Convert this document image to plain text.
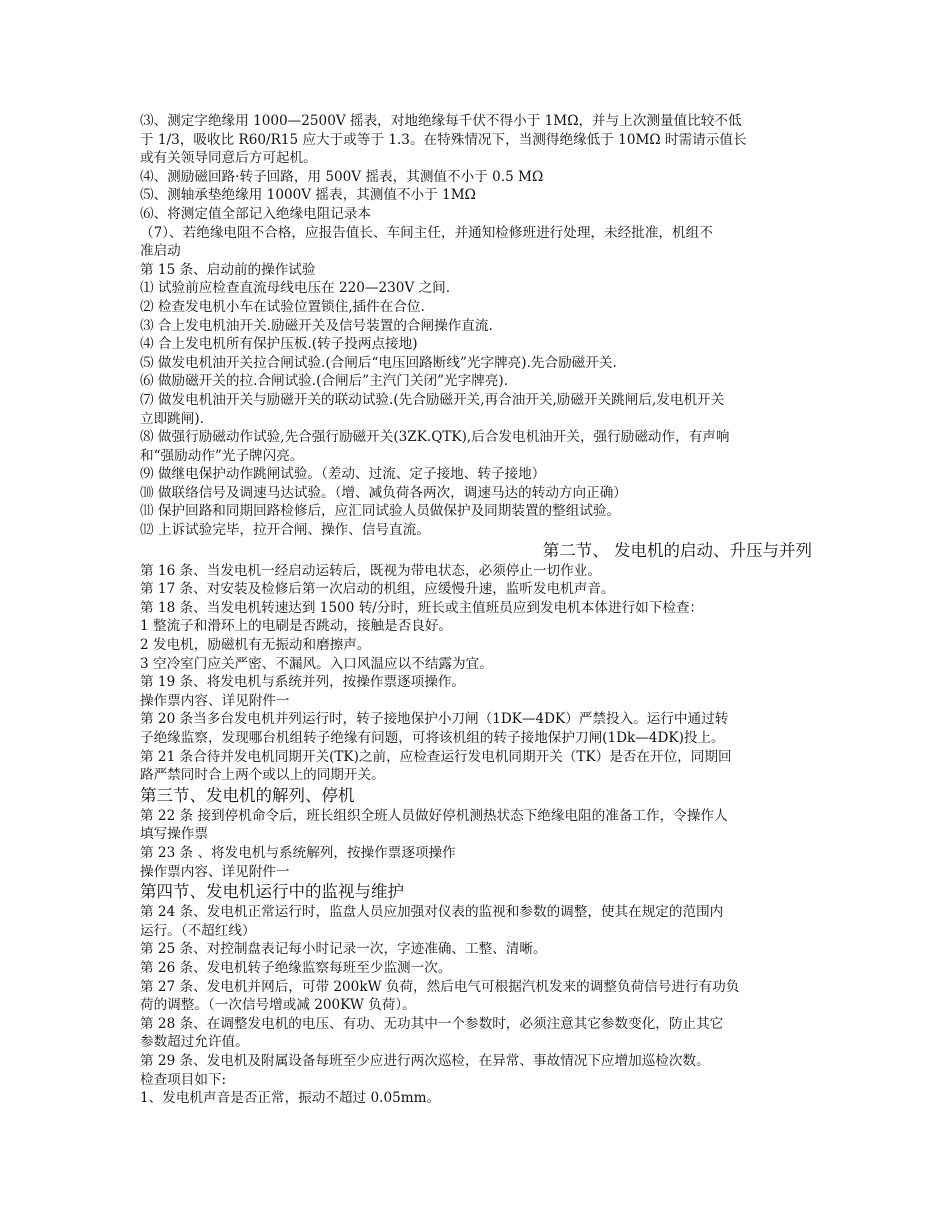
⑶、测定字绝缘用 1000—2500V 摇表，对地绝缘每千伏不得小于 1MΩ，并与上次测量值比较不低

于 1/3，吸收比 R60/R15 应大于或等于 1.3。在特殊情况下，当测得绝缘低于 10MΩ 时需请示值长

或有关领导同意后方可起机。

⑷、测励磁回路·转子回路，用 500V 摇表，其测值不小于 0.5 MΩ

⑸、测轴承垫绝缘用 1000V 摇表，其测值不小于 1MΩ

⑹、将测定值全部记入绝缘电阻记录本

（7）、若绝缘电阻不合格，应报告值长、车间主任，并通知检修班进行处理，未经批准，机组不

准启动

第 15 条、启动前的操作试验

⑴ 试验前应检查直流母线电压在 220—230V 之间.

⑵ 检查发电机小车在试验位置锁住,插件在合位.

⑶ 合上发电机油开关.励磁开关及信号装置的合闸操作直流.

⑷ 合上发电机所有保护压板.(转子投两点接地)

⑸ 做发电机油开关拉合闸试验.(合闸后“电压回路断线”光字牌亮).先合励磁开关.

⑹ 做励磁开关的拉.合闸试验.(合闸后”主汽门关闭”光字牌亮).

⑺ 做发电机油开关与励磁开关的联动试验.(先合励磁开关,再合油开关,励磁开关跳闸后,发电机开关

立即跳闸).

⑻ 做强行励磁动作试验,先合强行励磁开关(3ZK.QTK),后合发电机油开关，强行励磁动作，有声响

和“强励动作”光子牌闪亮。

⑼ 做继电保护动作跳闸试验。（差动、过流、定子接地、转子接地）

⑽ 做联络信号及调速马达试验。（增、减负荷各两次，调速马达的转动方向正确）

⑾ 保护回路和同期回路检修后，应汇同试验人员做保护及同期装置的整组试验。

⑿ 上诉试验完毕，拉开合闸、操作、信号直流。

第二节、 发电机的启动、升压与并列

第 16 条、当发电机一经启动运转后，既视为带电状态，必须停止一切作业。

第 17 条、对安装及检修后第一次启动的机组，应缓慢升速，监听发电机声音。

第 18 条、当发电机转速达到 1500 转/分时，班长或主值班员应到发电机本体进行如下检查：

1 整流子和滑环上的电刷是否跳动，接触是否良好。

2 发电机，励磁机有无振动和磨擦声。

3 空冷室门应关严密、不漏风。入口风温应以不结露为宜。

第 19 条、将发电机与系统并列，按操作票逐项操作。

操作票内容、详见附件一

第 20 条当多台发电机并列运行时，转子接地保护小刀闸（1DK—4DK）严禁投入。运行中通过转

子绝缘监察，发现哪台机组转子绝缘有问题，可将该机组的转子接地保护刀闸(1Dk—4DK)投上。

第 21 条合待并发电机同期开关(TK)之前，应检查运行发电机同期开关（TK）是否在开位，同期回

路严禁同时合上两个或以上的同期开关。

第三节、发电机的解列、停机

第 22 条 接到停机命令后，班长组织全班人员做好停机测热状态下绝缘电阻的准备工作，令操作人

填写操作票

第 23 条 、将发电机与系统解列，按操作票逐项操作

操作票内容、详见附件一

第四节、发电机运行中的监视与维护

第 24 条、发电机正常运行时，监盘人员应加强对仪表的监视和参数的调整，使其在规定的范围内

运行。（不超红线）

第 25 条、对控制盘表记每小时记录一次，字迹准确、工整、清晰。

第 26 条、发电机转子绝缘监察每班至少监测一次。

第 27 条、发电机并网后，可带 200kW 负荷，然后电气可根据汽机发来的调整负荷信号进行有功负

荷的调整。（一次信号增或减 200KW 负荷）。

第 28 条、在调整发电机的电压、有功、无功其中一个参数时，必须注意其它参数变化，防止其它

参数超过允许值。

第 29 条、发电机及附属设备每班至少应进行两次巡检，在异常、事故情况下应增加巡检次数。

检查项目如下:

1、发电机声音是否正常，振动不超过 0.05mm。
